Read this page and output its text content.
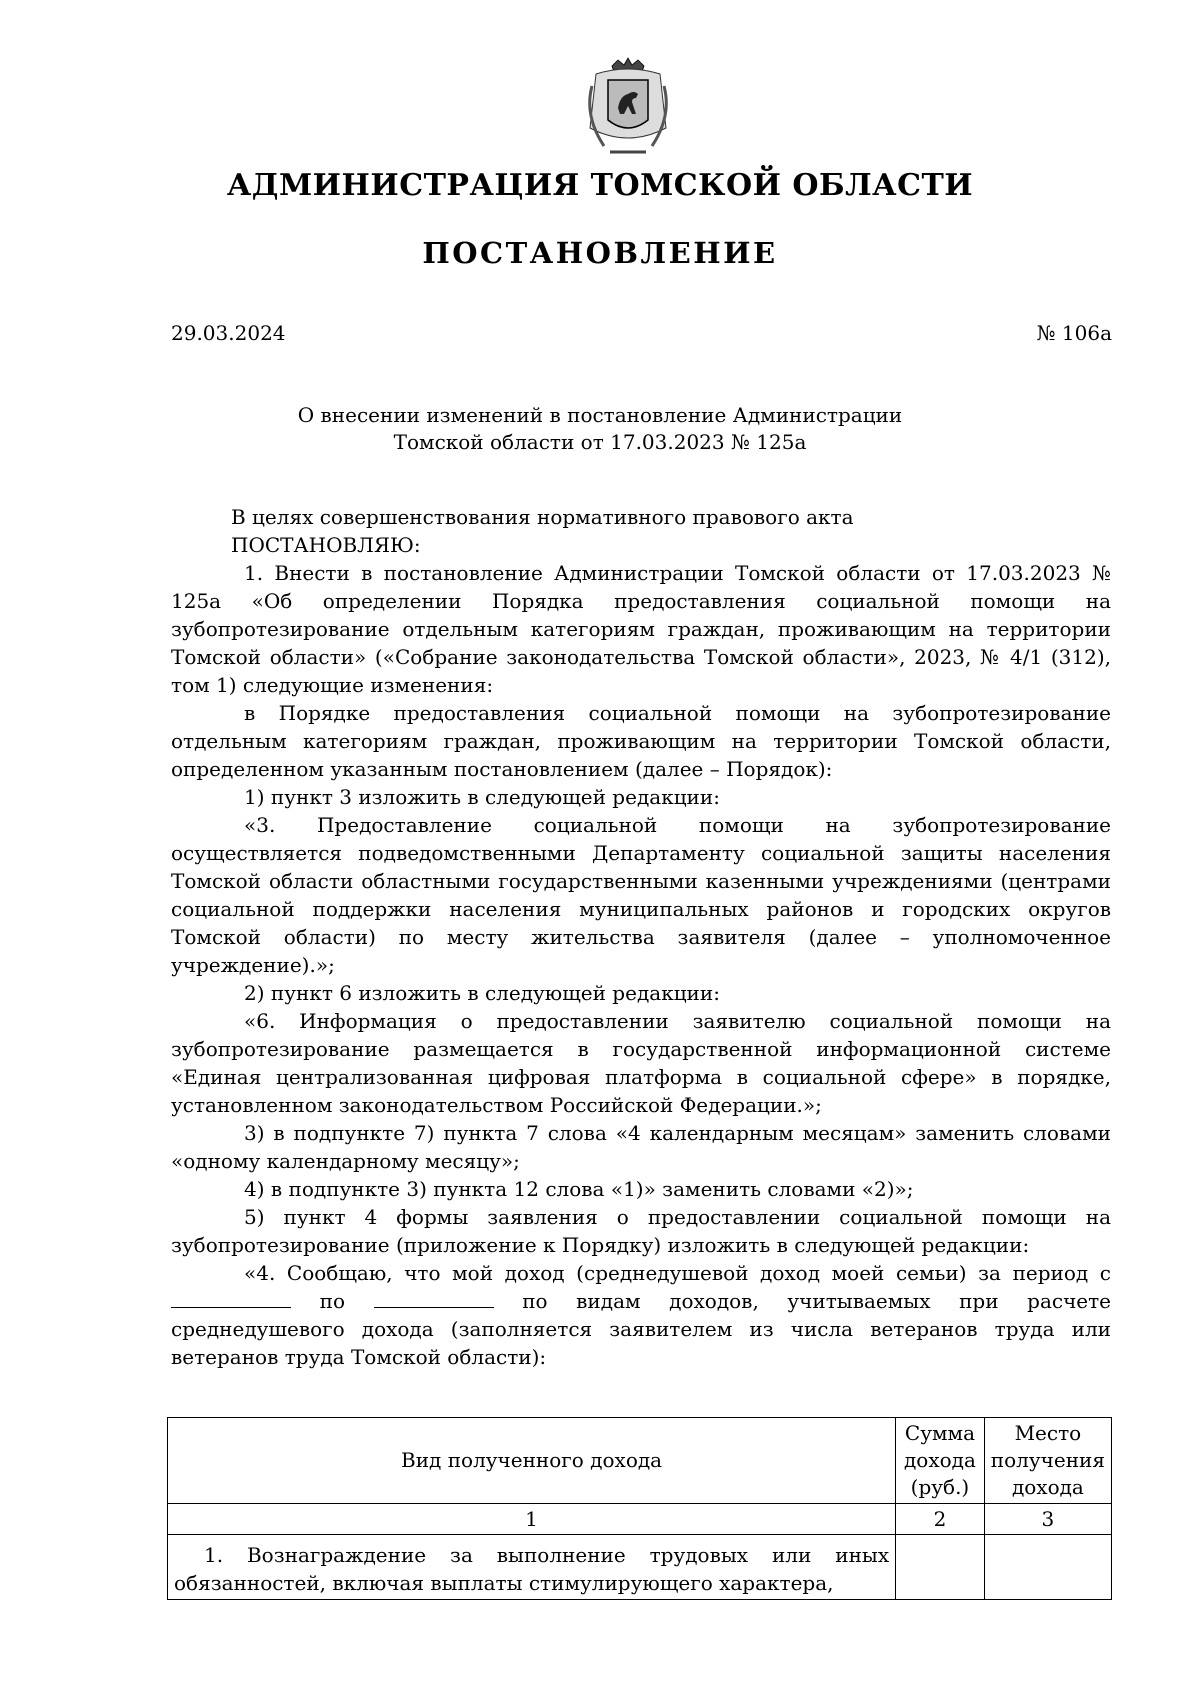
АДМИНИСТРАЦИЯ ТОМСКОЙ ОБЛАСТИ
ПОСТАНОВЛЕНИЕ
29.03.2024	№ 106а
О внесении изменений в постановление Администрации
Томской области от 17.03.2023 № 125а

В целях совершенствования нормативного правового акта

ПОСТАНОВЛЯЮ:

1. Внести в постановление Администрации Томской области от 17.03.2023 № 125а «Об определении Порядка предоставления социальной помощи на зубопротезирование отдельным категориям граждан, проживающим на территории Томской области» («Собрание законодательства Томской области», 2023, № 4/1 (312), том 1) следующие изменения:

в Порядке предоставления социальной помощи на зубопротезирование отдельным категориям граждан, проживающим на территории Томской области, определенном указанным постановлением (далее – Порядок):

1) пункт 3 изложить в следующей редакции:

«3. Предоставление социальной помощи на зубопротезирование осуществляется подведомственными Департаменту социальной защиты населения Томской области областными государственными казенными учреждениями (центрами социальной поддержки населения муниципальных районов и городских округов Томской области) по месту жительства заявителя (далее – уполномоченное учреждение).»;

2) пункт 6 изложить в следующей редакции:

«6. Информация о предоставлении заявителю социальной помощи на зубопротезирование размещается в государственной информационной системе «Единая централизованная цифровая платформа в социальной сфере» в порядке, установленном законодательством Российской Федерации.»;

3) в подпункте 7) пункта 7 слова «4 календарным месяцам» заменить словами «одному календарному месяцу»;

4) в подпункте 3) пункта 12 слова «1)» заменить словами «2)»;

5) пункт 4 формы заявления о предоставлении социальной помощи на зубопротезирование (приложение к Порядку) изложить в следующей редакции:

«4. Сообщаю, что мой доход (среднедушевой доход моей семьи) за период с  по	по видам доходов, учитываемых при расчете среднедушевого дохода (заполняется заявителем из числа ветеранов труда или ветеранов труда Томской области):

Вид полученного дохода	Сумма дохода (руб.)	Место получения дохода
1	2	3
1. Вознаграждение за выполнение трудовых или иных обязанностей, включая выплаты стимулирующего характера,		
